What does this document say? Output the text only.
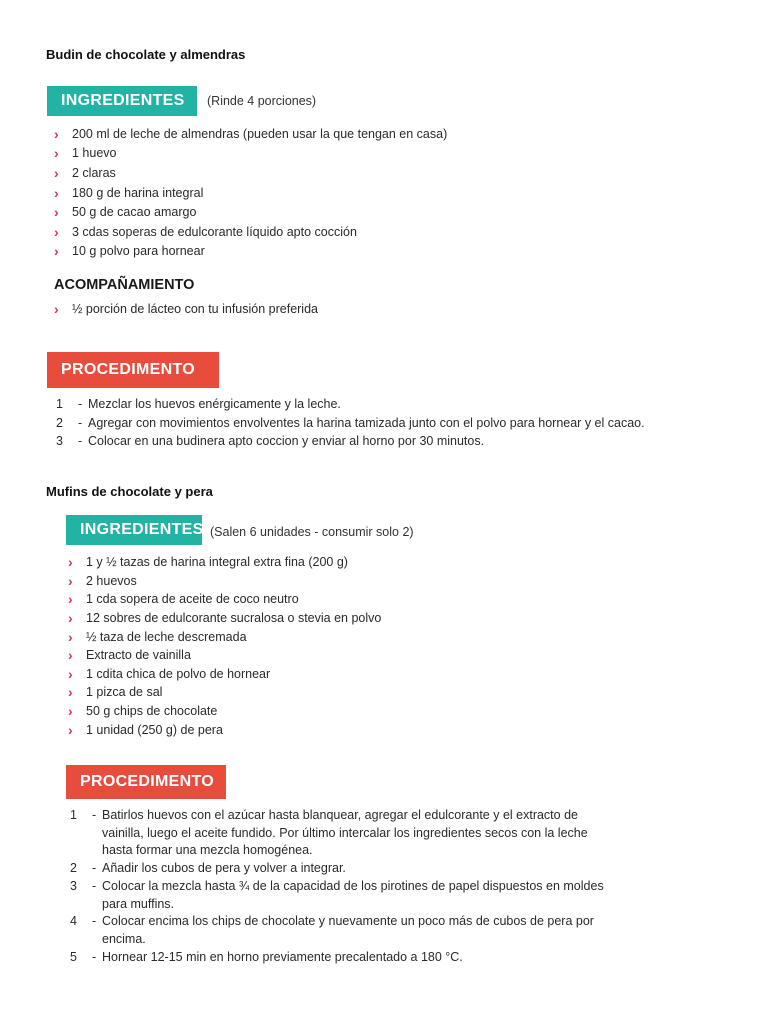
Budin de chocolate y almendras
INGREDIENTES (Rinde 4 porciones)
›	200 ml de leche de almendras (pueden usar la que tengan en casa)
›	1 huevo
›	2 claras
›	180 g de harina integral
›	50 g de cacao amargo
›	3 cdas soperas de edulcorante líquido apto cocción
›	10 g polvo para hornear
ACOMPAÑAMIENTO
›	½ porción de lácteo con tu infusión preferida
PROCEDIMENTO
1	- Mezclar los huevos enérgicamente y la leche.
2	- Agregar con movimientos envolventes la harina tamizada junto con el polvo para hornear y el cacao.
3	- Colocar en una budinera apto coccion y enviar al horno por 30 minutos.
Mufins de chocolate y pera
INGREDIENTES (Salen 6 unidades - consumir solo 2)
›	1 y ½ tazas de harina integral extra fina (200 g)
›	2 huevos
›	1 cda sopera de aceite de coco neutro
›	12 sobres de edulcorante sucralosa o stevia en polvo
›	½ taza de leche descremada
›	Extracto de vainilla
›	1 cdita chica de polvo de hornear
›	1 pizca de sal
›	50 g chips de chocolate
›	1 unidad (250 g) de pera
PROCEDIMENTO
1	- Batirlos huevos con el azúcar hasta blanquear, agregar el edulcorante y el extracto de vainilla, luego el aceite fundido. Por último intercalar los ingredientes secos con la leche hasta formar una mezcla homogénea.
2	- Añadir los cubos de pera y volver a integrar.
3	- Colocar la mezcla hasta ¾ de la capacidad de los pirotines de papel dispuestos en moldes para muffins.
4	- Colocar encima los chips de chocolate y nuevamente un poco más de cubos de pera por encima.
5	- Hornear 12-15 min en horno previamente precalentado a 180 °C.
